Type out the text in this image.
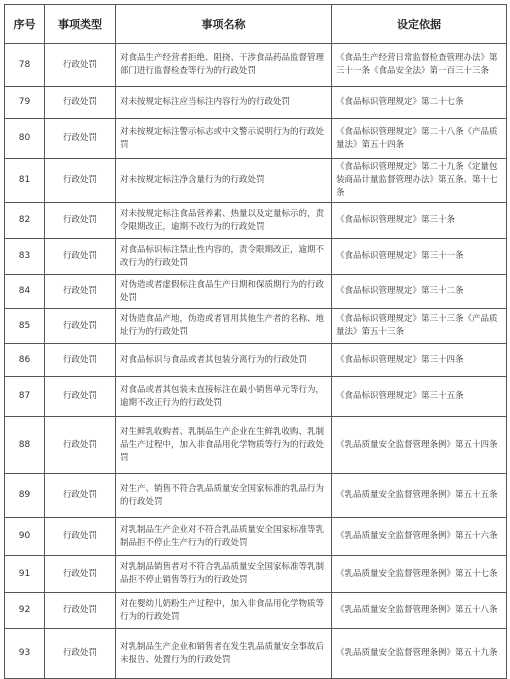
序号	事项类型	事项名称	设定依据
78	行政处罚	对食品生产经营者拒绝、阻挠、干涉食品药品监督管理部门进行监督检查等行为的行政处罚	《食品生产经营日常监督检查管理办法》第三十一条《食品安全法》第一百三十三条
79	行政处罚	对未按规定标注应当标注内容行为的行政处罚	《食品标识管理规定》第二十七条
80	行政处罚	对未按规定标注警示标志或中文警示说明行为的行政处罚	《食品标识管理规定》第二十八条《产品质量法》第五十四条
81	行政处罚	对未按规定标注净含量行为的行政处罚	《食品标识管理规定》第二十九条《定量包装商品计量监督管理办法》第五条、第十七条
82	行政处罚	对未按规定标注食品营养素、热量以及定量标示的，责令限期改正，逾期不改行为的行政处罚	《食品标识管理规定》第三十条
83	行政处罚	对食品标识标注禁止性内容的，责令限期改正，逾期不改行为的行政处罚	《食品标识管理规定》第三十一条
84	行政处罚	对伪造或者虚假标注食品生产日期和保质期行为的行政处罚	《食品标识管理规定》第三十二条
85	行政处罚	对伪造食品产地，伪造或者冒用其他生产者的名称、地址行为的行政处罚	《食品标识管理规定》第三十三条《产品质量法》第五十三条
86	行政处罚	对食品标识与食品或者其包装分离行为的行政处罚	《食品标识管理规定》第三十四条
87	行政处罚	对食品或者其包装未直接标注在最小销售单元等行为，逾期不改正行为的行政处罚	《食品标识管理规定》第三十五条
88	行政处罚	对生鲜乳收购者、乳制品生产企业在生鲜乳收购、乳制品生产过程中，加入非食品用化学物质等行为的行政处罚	《乳品质量安全监督管理条例》第五十四条
89	行政处罚	对生产、销售不符合乳品质量安全国家标准的乳品行为的行政处罚	《乳品质量安全监督管理条例》第五十五条
90	行政处罚	对乳制品生产企业对不符合乳品质量安全国家标准等乳制品拒不停止生产行为的行政处罚	《乳品质量安全监督管理条例》第五十六条
91	行政处罚	对乳制品销售者对不符合乳品质量安全国家标准等乳制品拒不停止销售等行为的行政处罚	《乳品质量安全监督管理条例》第五十七条
92	行政处罚	对在婴幼儿奶粉生产过程中，加入非食品用化学物质等行为的行政处罚	《乳品质量安全监督管理条例》第五十八条
93	行政处罚	对乳制品生产企业和销售者在发生乳品质量安全事故后未报告、处置行为的行政处罚	《乳品质量安全监督管理条例》第五十九条
